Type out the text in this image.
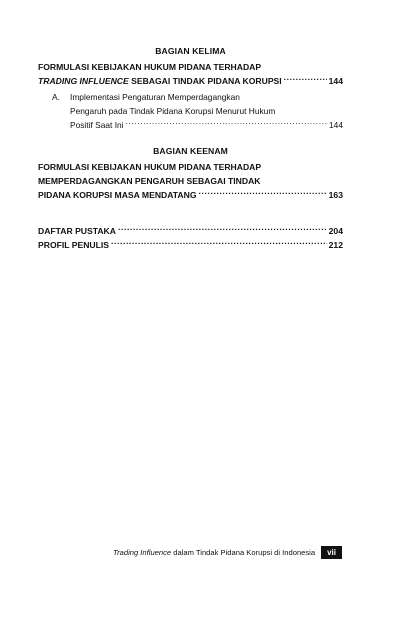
BAGIAN KELIMA
FORMULASI KEBIJAKAN HUKUM PIDANA TERHADAP
TRADING INFLUENCE SEBAGAI TINDAK PIDANA KORUPSI .....	144
A. Implementasi Pengaturan Memperdagangkan
Pengaruh pada Tindak Pidana Korupsi Menurut Hukum
Positif Saat Ini .....	144
BAGIAN KEENAM
FORMULASI KEBIJAKAN HUKUM PIDANA TERHADAP
MEMPERDAGANGKAN PENGARUH SEBAGAI TINDAK
PIDANA KORUPSI MASA MENDATANG .....	163
DAFTAR PUSTAKA .....	204
PROFIL PENULIS .....	212
Trading Influence dalam Tindak Pidana Korupsi di Indonesia	vii
